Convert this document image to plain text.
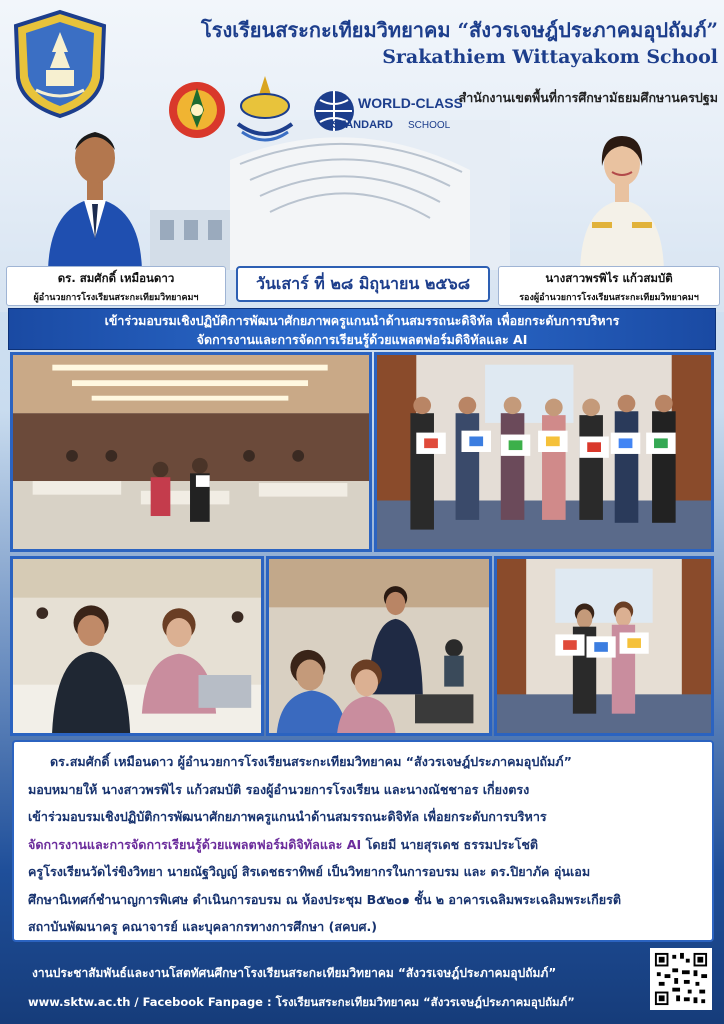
โรงเรียนสระกะเทียมวิทยาคม “สังวรเจษฎ์ประภาคมอุปถัมภ์”
Srakathiem Wittayakom School
WORLD-CLASS
STANDARD SCHOOL
สำนักงานเขตพื้นที่การศึกษามัธยมศึกษานครปฐม
ดร. สมศักดิ์ เหมือนดาว
ผู้อำนวยการโรงเรียนสระกะเทียมวิทยาคมฯ
วันเสาร์ ที่ ๒๘ มิถุนายน ๒๕๖๘	นางสาวพรพิไร แก้วสมบัติ
รองผู้อำนวยการโรงเรียนสระกะเทียมวิทยาคมฯ
เข้าร่วมอบรมเชิงปฏิบัติการพัฒนาศักยภาพครูแกนนำด้านสมรรถนะดิจิทัล เพื่อยกระดับการบริหาร
จัดการงานและการจัดการเรียนรู้ด้วยแพลตฟอร์มดิจิทัลและ AI
ดร.สมศักดิ์ เหมือนดาว ผู้อำนวยการโรงเรียนสระกะเทียมวิทยาคม “สังวรเจษฎ์ประภาคมอุปถัมภ์”
มอบหมายให้ นางสาวพรพิไร แก้วสมบัติ รองผู้อำนวยการโรงเรียน และนางณัชชาอร เกี่ยงตรง
เข้าร่วมอบรมเชิงปฏิบัติการพัฒนาศักยภาพครูแกนนำด้านสมรรถนะดิจิทัล เพื่อยกระดับการบริหาร
จัดการงานและการจัดการเรียนรู้ด้วยแพลตฟอร์มดิจิทัลและ AI โดยมี นายสุรเดช ธรรมประโชติ
ครูโรงเรียนวัดไร่ขิงวิทยา นายณัฐวิญญ์ สิรเดชธราทิพย์ เป็นวิทยากรในการอบรม และ ดร.ปิยาภัค อุ่นเอม
ศึกษานิเทศก์ชำนาญการพิเศษ ดำเนินการอบรม ณ ห้องประชุม B๕๒๐๑ ชั้น ๒ อาคารเฉลิมพระเฉลิมพระเกียรติ
สถาบันพัฒนาครู คณาจารย์ และบุคลากรทางการศึกษา (สคบศ.)
งานประชาสัมพันธ์และงานโสตทัศนศึกษาโรงเรียนสระกะเทียมวิทยาคม “สังวรเจษฎ์ประภาคมอุปถัมภ์”
www.sktw.ac.th / Facebook Fanpage : โรงเรียนสระกะเทียมวิทยาคม “สังวรเจษฎ์ประภาคมอุปถัมภ์”
